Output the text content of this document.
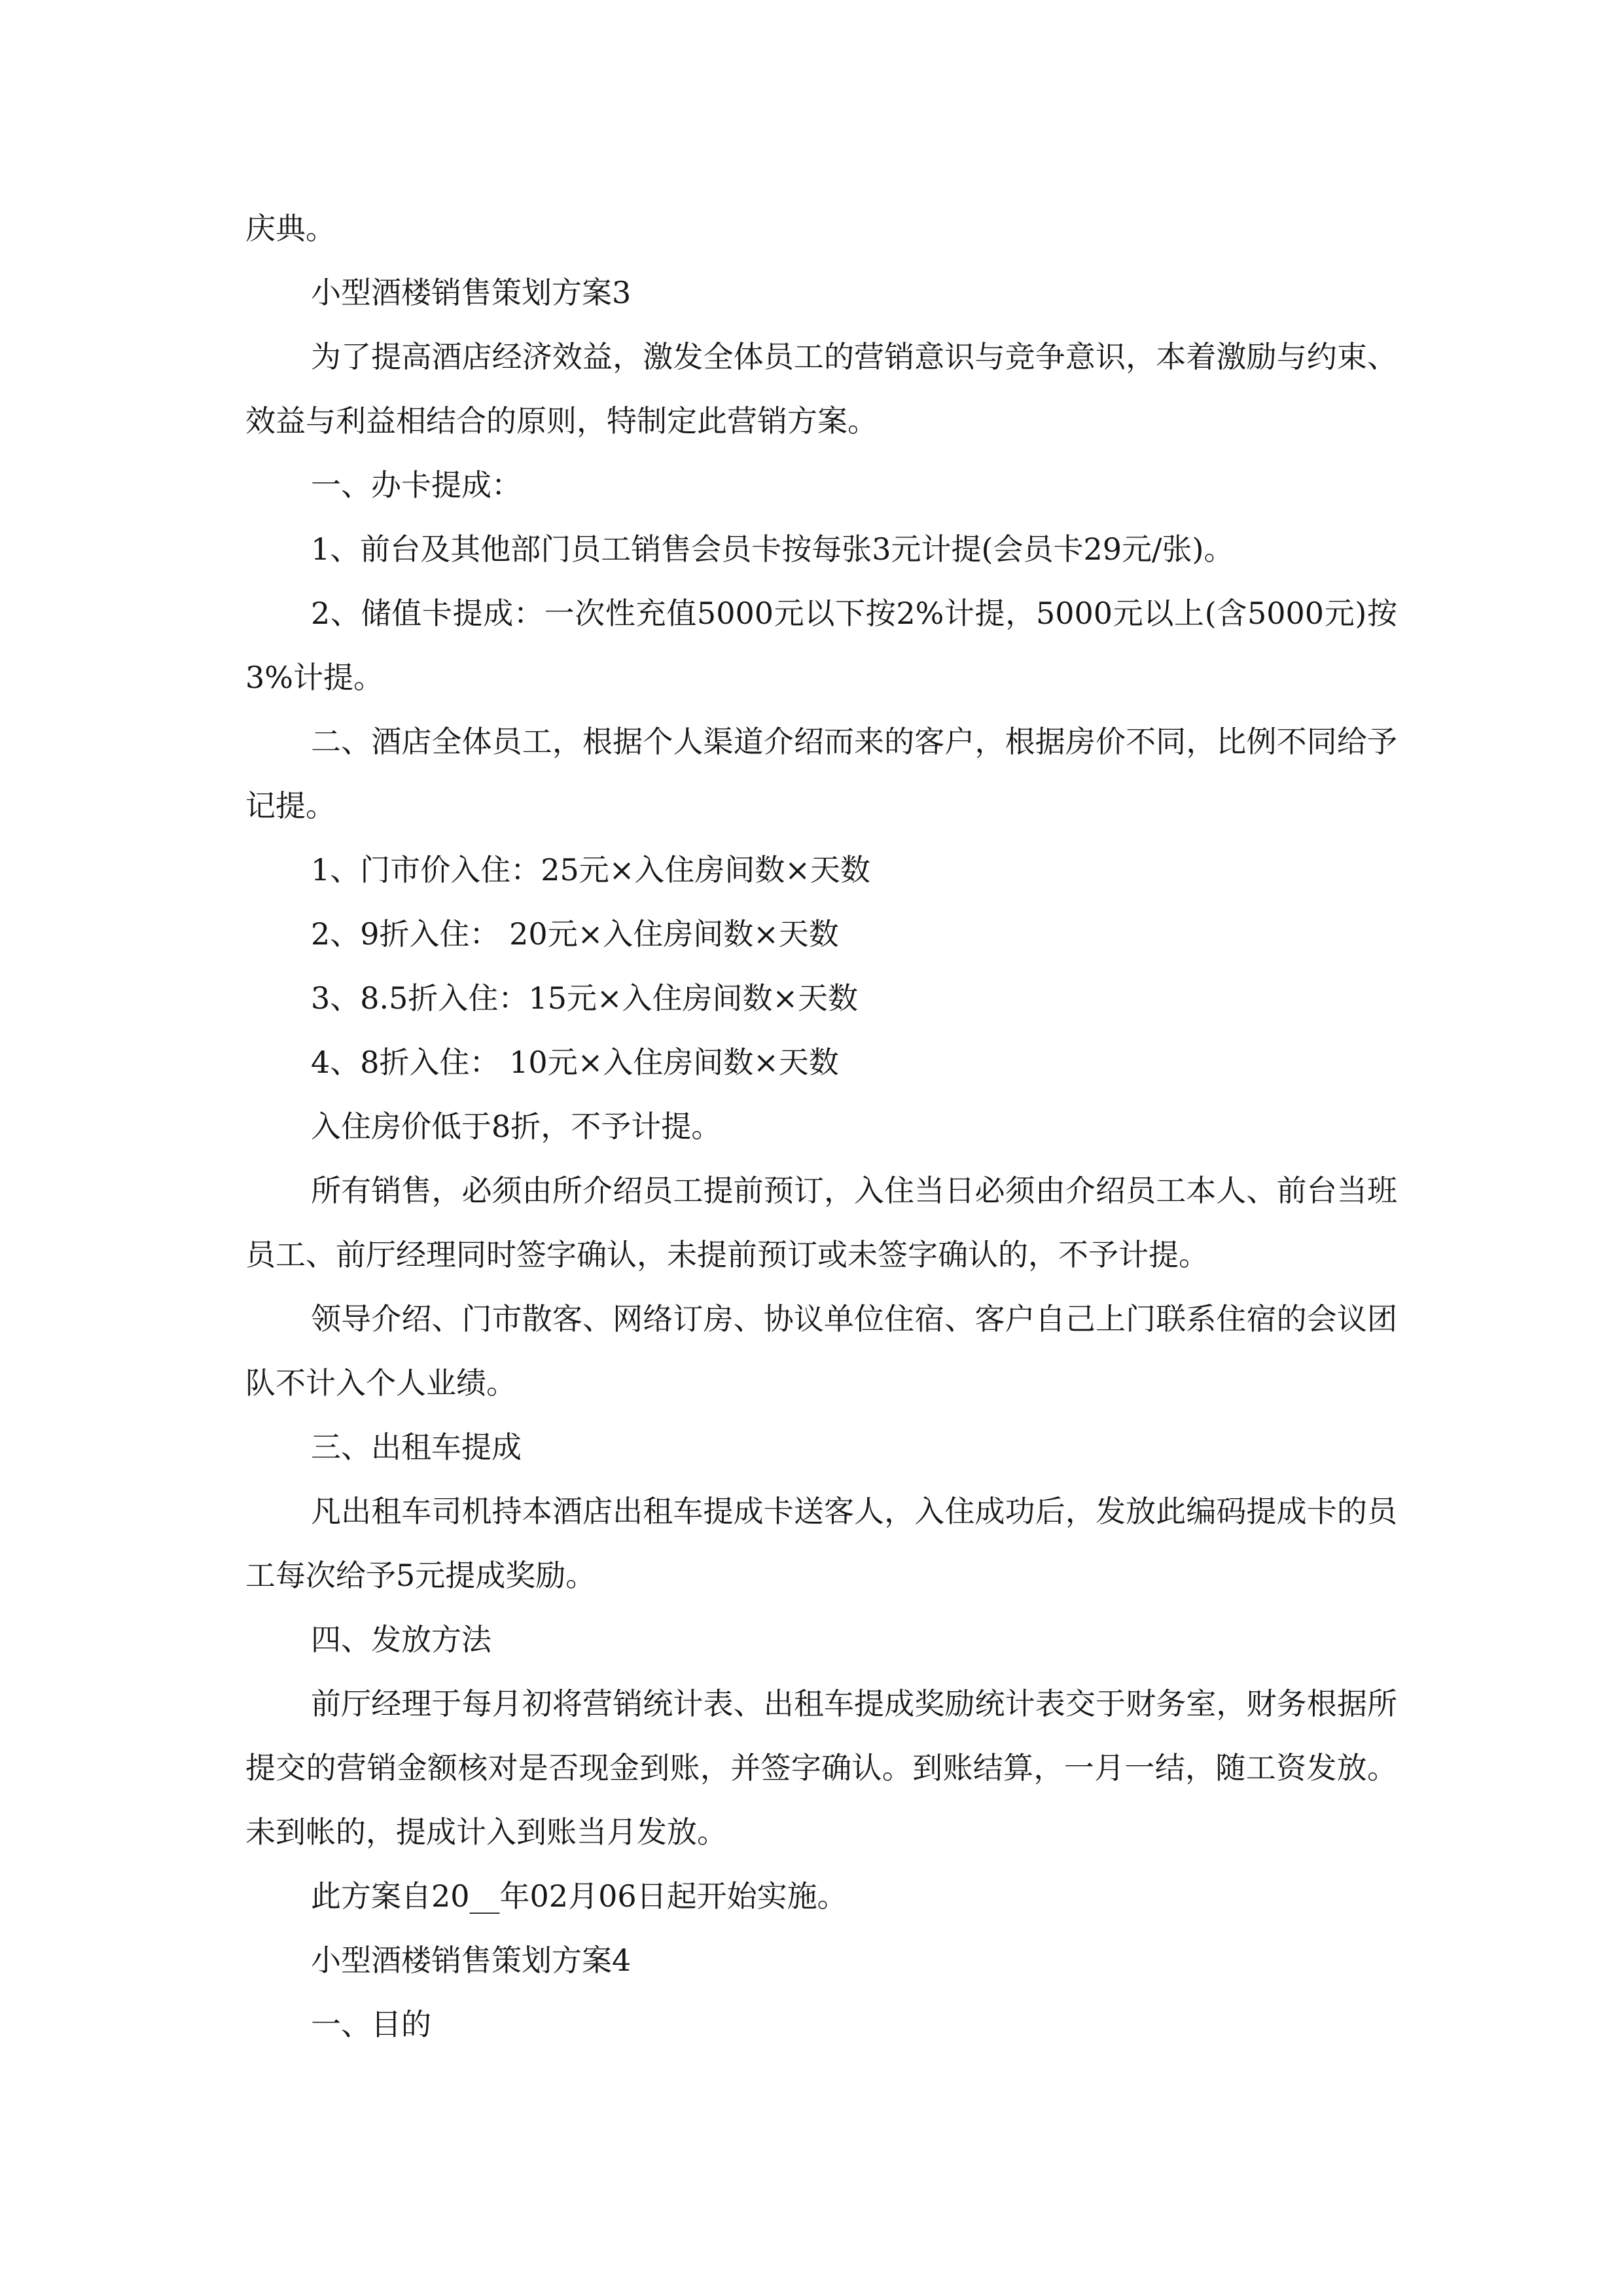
庆典。

小型酒楼销售策划方案3

为了提高酒店经济效益，激发全体员工的营销意识与竞争意识，本着激励与约束、效益与利益相结合的原则，特制定此营销方案。

一、办卡提成：

1、前台及其他部门员工销售会员卡按每张3元计提(会员卡29元/张)。

2、储值卡提成：一次性充值5000元以下按2%计提，5000元以上(含5000元)按3%计提。

二、酒店全体员工，根据个人渠道介绍而来的客户，根据房价不同，比例不同给予记提。

1、门市价入住：25元×入住房间数×天数

2、9折入住： 20元×入住房间数×天数

3、8.5折入住：15元×入住房间数×天数

4、8折入住： 10元×入住房间数×天数

入住房价低于8折，不予计提。

所有销售，必须由所介绍员工提前预订，入住当日必须由介绍员工本人、前台当班员工、前厅经理同时签字确认，未提前预订或未签字确认的，不予计提。

领导介绍、门市散客、网络订房、协议单位住宿、客户自己上门联系住宿的会议团队不计入个人业绩。

三、出租车提成

凡出租车司机持本酒店出租车提成卡送客人，入住成功后，发放此编码提成卡的员工每次给予5元提成奖励。

四、发放方法

前厅经理于每月初将营销统计表、出租车提成奖励统计表交于财务室，财务根据所提交的营销金额核对是否现金到账，并签字确认。到账结算，一月一结，随工资发放。未到帐的，提成计入到账当月发放。

此方案自20__年02月06日起开始实施。

小型酒楼销售策划方案4

一、目的
